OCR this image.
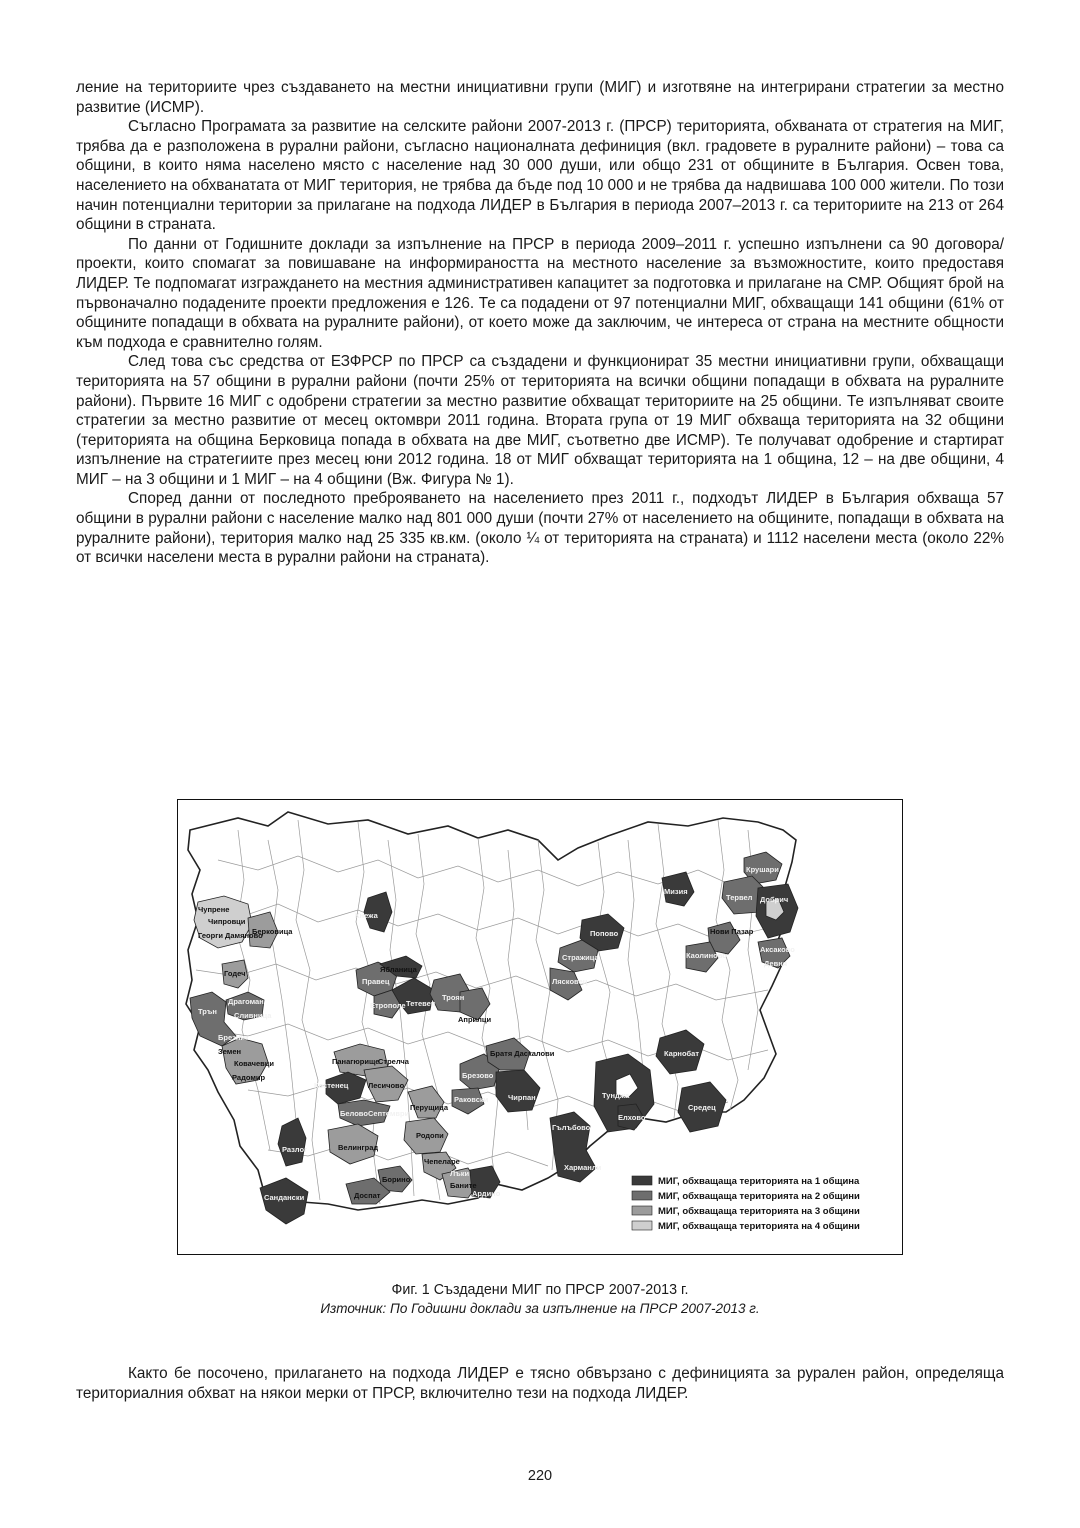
ление на териториите чрез създаването на местни инициативни групи (МИГ) и изготвяне на интегрирани стратегии за местно развитие (ИСМР).

Съгласно Програмата за развитие на селските райони 2007-2013 г. (ПРСР) територията, обхваната от стратегия на МИГ, трябва да е разположена в рурални райони, съгласно националната дефиниция (вкл. градовете в руралните райони) – това са общини, в които няма населено място с население над 30 000 души, или общо 231 от общините в България. Освен това, населението на обхванатата от МИГ територия, не трябва да бъде под 10 000 и не трябва да надвишава 100 000 жители. По този начин потенциални територии за прилагане на подхода ЛИДЕР в България в периода 2007–2013 г. са териториите на 213 от 264 общини в страната.

По данни от Годишните доклади за изпълнение на ПРСР в периода 2009–2011 г. успешно изпълнени са 90 договора/проекти, които спомагат за повишаване на информираността на местното население за възможностите, които предоставя ЛИДЕР. Те подпомагат изграждането на местния административен капацитет за подготовка и прилагане на СМР. Общият брой на първоначално подадените проекти предложения е 126. Те са подадени от 97 потенциални МИГ, обхващащи 141 общини (61% от общините попадащи в обхвата на руралните райони), от което може да заключим, че интереса от страна на местните общности към подхода е сравнително голям.

След това със средства от ЕЗФРСР по ПРСР са създадени и функционират 35 местни инициативни групи, обхващащи територията на 57 общини в рурални райони (почти 25% от територията на всички общини попадащи в обхвата на руралните райони). Първите 16 МИГ с одобрени стратегии за местно развитие обхващат териториите на 25 общини. Те изпълняват своите стратегии за местно развитие от месец октомври 2011 година. Втората група от 19 МИГ обхваща територията на 32 общини (територията на община Берковица попада в обхвата на две МИГ, съответно две ИСМР). Те получават одобрение и стартират изпълнение на стратегиите през месец юни 2012 година. 18 от МИГ обхващат територията на 1 община, 12 – на две общини, 4 МИГ – на 3 общини и 1 МИГ – на 4 общини (Вж. Фигура № 1).

Според данни от последното преброяването на населението през 2011 г., подходът ЛИДЕР в България обхваща 57 общини в рурални райони с население малко над 801 000 души (почти 27% от населението на общините, попадащи в обхвата на руралните райони), територия малко над 25 335 кв.км. (около ¼ от територията на страната) и 1112 населени места (около 22% от всички населени места в рурални райони на страната).

Чупрене
Чипровци
Георги Дамяново
Берковица
Кнежа
Годеч
Драгоман
Сливница
Трън
Брезник
Земен
Ковачевци
Радомир
Ябланица
Правец
Етрополе Тетевен
Троян
Априлци
Панагюрище
Стрелча
Костенец	Лесичово
Белово Септември
Велинград
Перущица
Родопи
Чепеларе
Лъки
Баните
Ардино
Борино
Доспат
Разлог
Сандански
Братя Даскалови
Брезово
Раковски	Чирпан
Попово
Стражица
Лясковец
Мизия
Крушари
Тервел Добрич
Нови Пазар
Каолиново
Аксаково
Девня
Карнобат
Средец
Тунджа
Елхово
Гълъбово
Харманли
МИГ, обхващаща територията на 1 община
МИГ, обхващаща територията на 2 общини
МИГ, обхващаща територията на 3 общини
МИГ, обхващаща територията на 4 общини
Фиг. 1 Създадени МИГ по ПРСР 2007-2013 г.
Източник: По Годишни доклади за изпълнение на ПРСР 2007-2013 г.

Както бе посочено, прилагането на подхода ЛИДЕР е тясно обвързано с дефиницията за рурален район, определяща териториалния обхват на някои мерки от ПРСР, включително тези на подхода ЛИДЕР.

220
